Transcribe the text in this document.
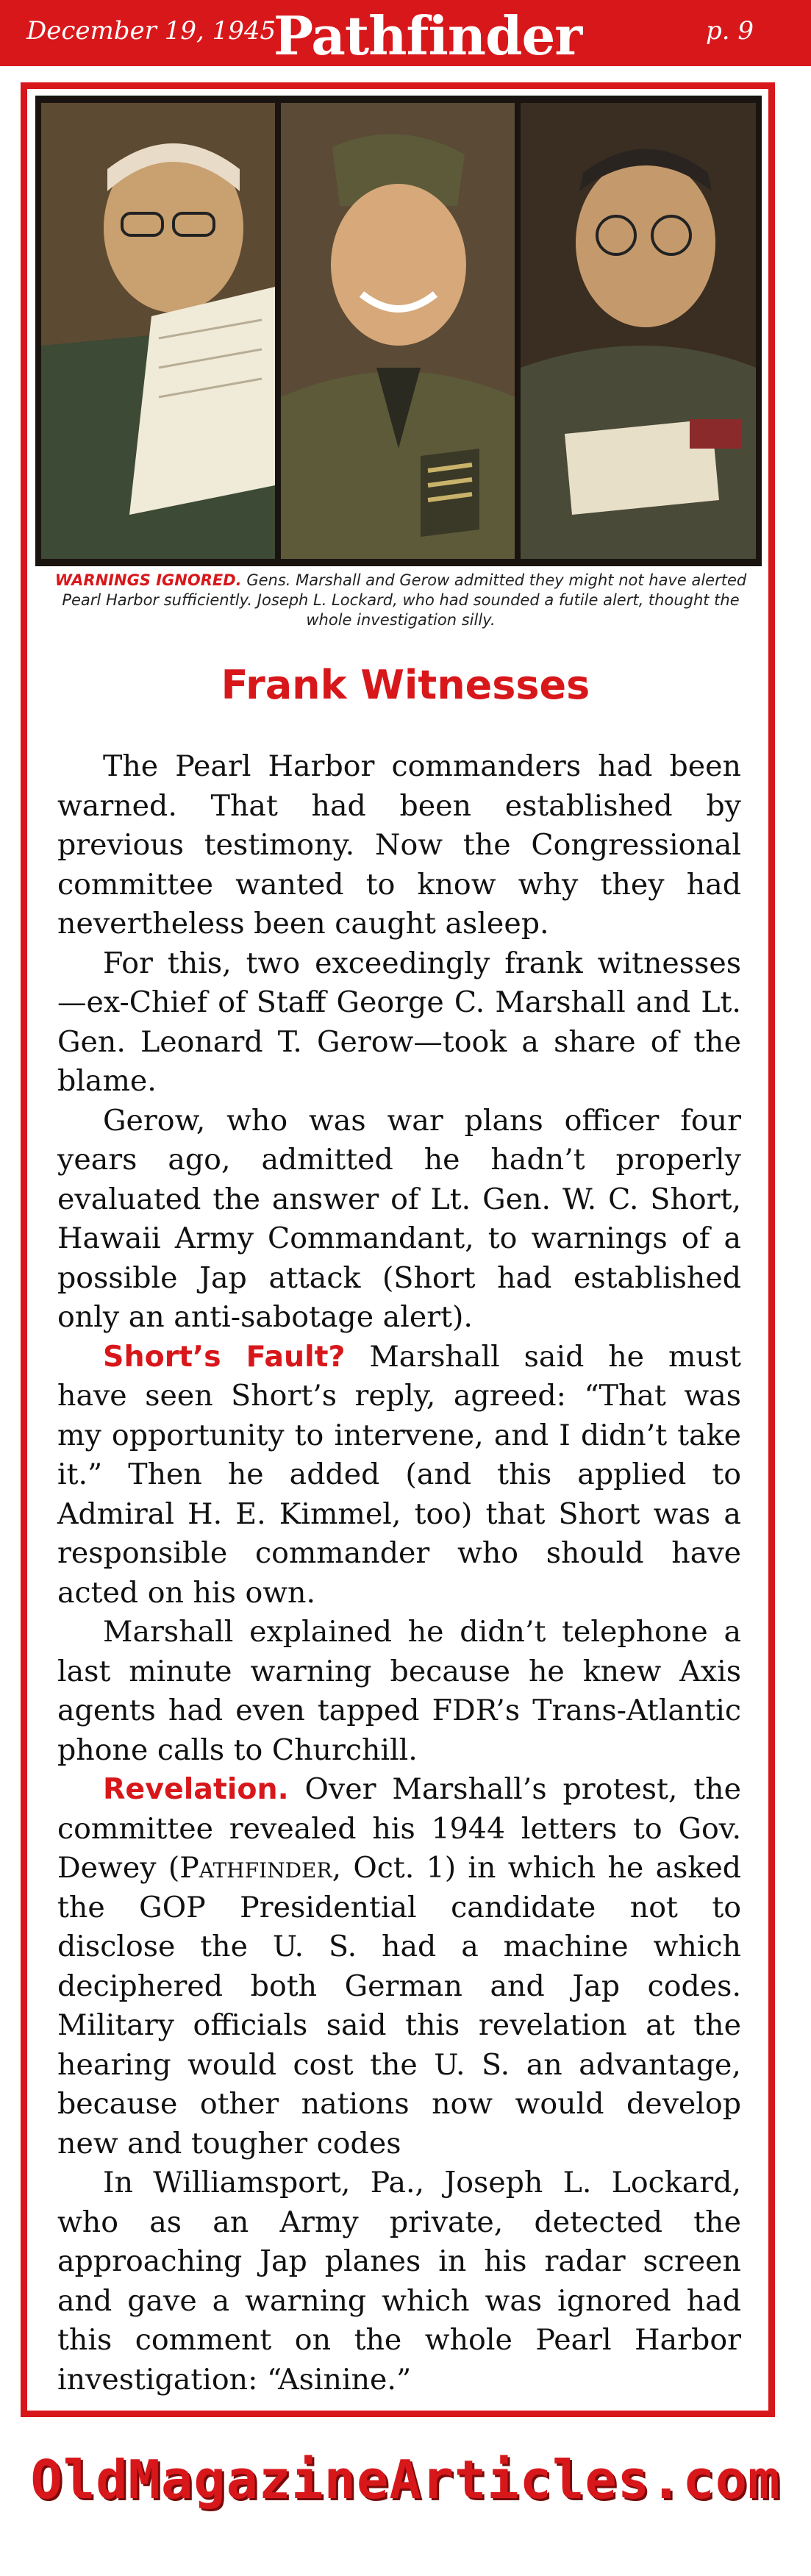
December 19, 1945
Pathfinder	p. 9
WARNINGS IGNORED. Gens. Marshall and Gerow admitted they might not have alerted Pearl Harbor sufficiently. Joseph L. Lockard, who had sounded a futile alert, thought the whole investigation silly.
Frank Witnesses

The Pearl Harbor commanders had been warned. That had been established by previous testimony. Now the Congressional committee wanted to know why they had nevertheless been caught asleep.

For this, two exceedingly frank witnesses—ex-Chief of Staff George C. Marshall and Lt. Gen. Leonard T. Gerow—took a share of the blame.

Gerow, who was war plans officer four years ago, admitted he hadn’t properly evaluated the answer of Lt. Gen. W. C. Short, Hawaii Army Commandant, to warnings of a possible Jap attack (Short had established only an anti-sabotage alert).

Short’s Fault? Marshall said he must have seen Short’s reply, agreed: “That was my opportunity to intervene, and I didn’t take it.” Then he added (and this applied to Admiral H. E. Kimmel, too) that Short was a responsible commander who should have acted on his own.

Marshall explained he didn’t telephone a last minute warning because he knew Axis agents had even tapped FDR’s Trans-Atlantic phone calls to Churchill.

Revelation. Over Marshall’s protest, the committee revealed his 1944 letters to Gov. Dewey (Pathfinder, Oct. 1) in which he asked the GOP Presidential candidate not to disclose the U. S. had a machine which deciphered both German and Jap codes. Military officials said this revelation at the hearing would cost the U. S. an advantage, because other nations now would develop new and tougher codes

In Williamsport, Pa., Joseph L. Lockard, who as an Army private, detected the approaching Jap planes in his radar screen and gave a warning which was ignored had this comment on the whole Pearl Harbor investigation: “Asinine.”

OldMagazineArticles.com
